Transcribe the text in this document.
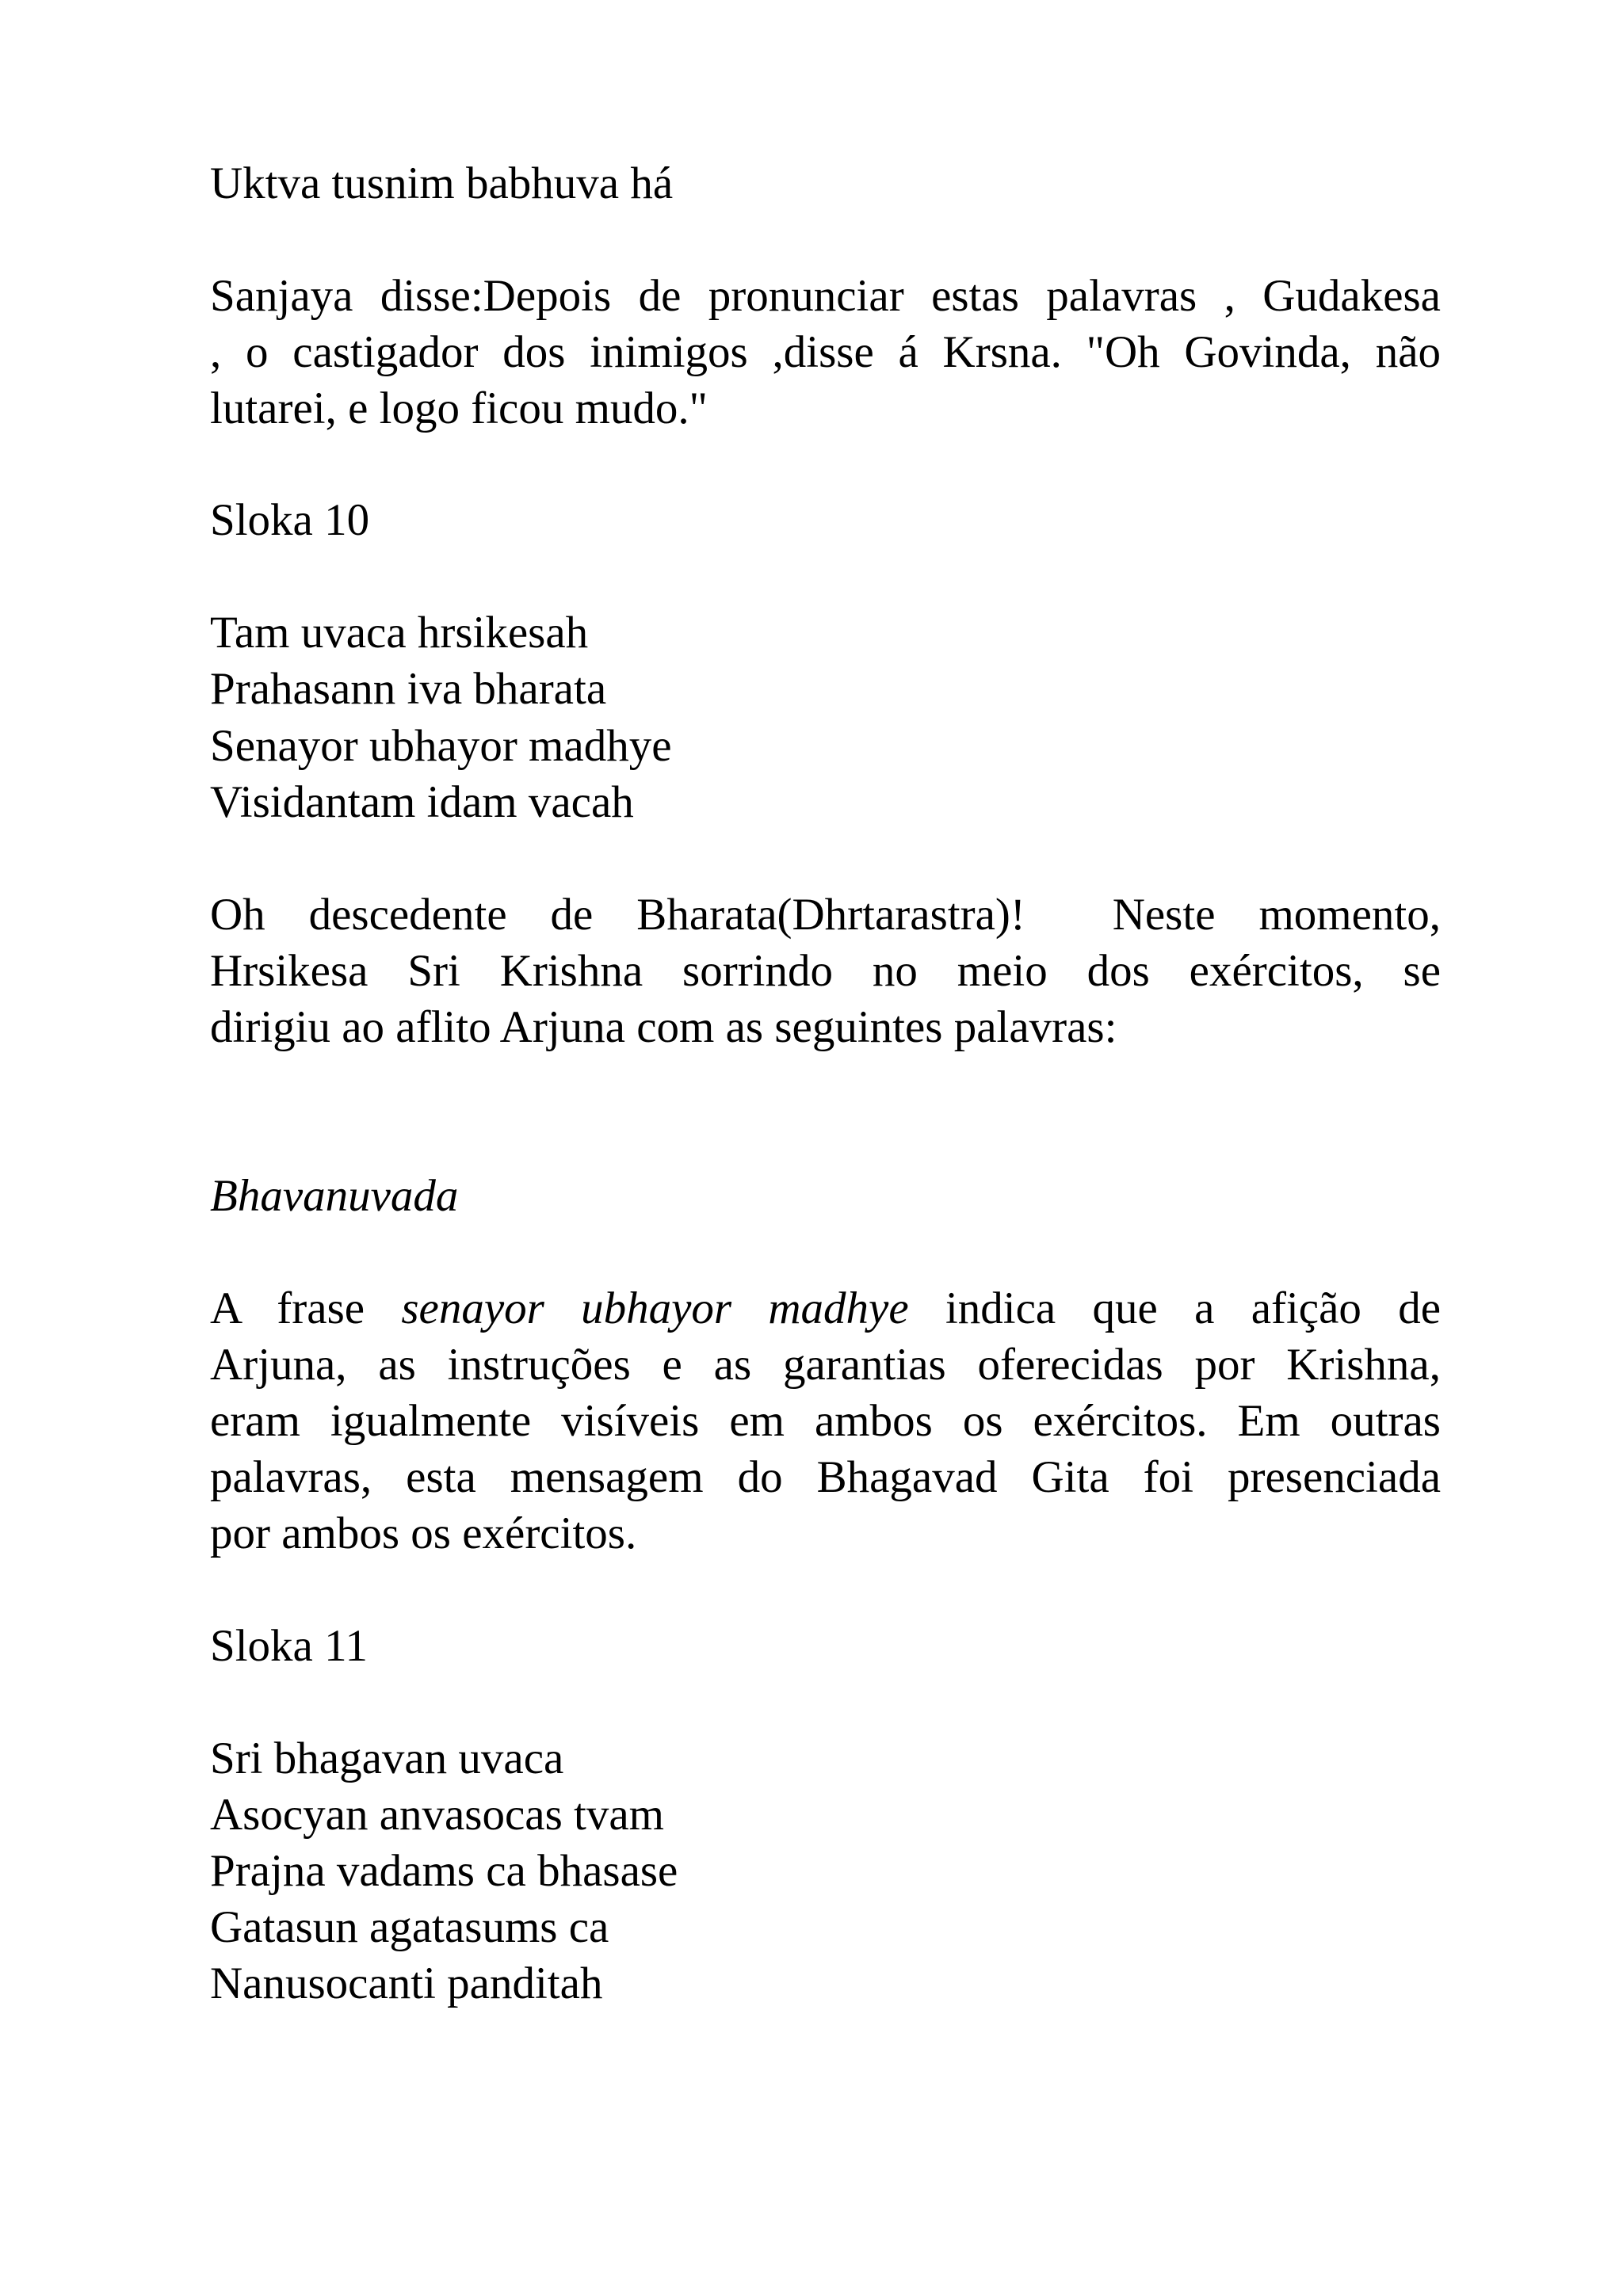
Uktva tusnim babhuva há
Sanjaya disse:Depois de pronunciar estas palavras , Gudakesa
, o castigador dos inimigos ,disse á Krsna. "Oh Govinda, não
lutarei, e logo ficou mudo."
Sloka 10
Tam uvaca hrsikesah
Prahasann iva bharata
Senayor ubhayor madhye
Visidantam idam vacah
Oh descedente de Bharata(Dhrtarastra)!  Neste momento,
Hrsikesa Sri Krishna sorrindo no meio dos exércitos, se
dirigiu ao aflito Arjuna com as seguintes palavras:
Bhavanuvada
A frase senayor ubhayor madhye indica que a afição de
Arjuna, as instruções e as garantias oferecidas por Krishna,
eram igualmente visíveis em ambos os exércitos. Em outras
palavras, esta mensagem do Bhagavad Gita foi presenciada
por ambos os exércitos.
Sloka 11
Sri bhagavan uvaca
Asocyan anvasocas tvam
Prajna vadams ca bhasase
Gatasun agatasums ca
Nanusocanti panditah
